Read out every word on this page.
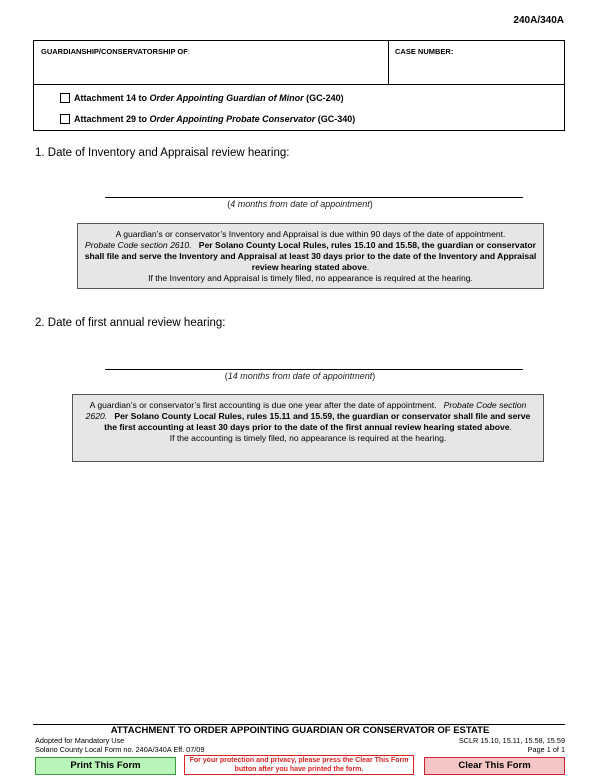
240A/340A
GUARDIANSHIP/CONSERVATORSHIP OF:	CASE NUMBER:
Attachment 14 to Order Appointing Guardian of Minor (GC-240)
Attachment 29 to Order Appointing Probate Conservator (GC-340)
1. Date of Inventory and Appraisal review hearing:
(4 months from date of appointment)
A guardian’s or conservator’s Inventory and Appraisal is due within 90 days of the date of appointment.
Probate Code section 2610. Per Solano County Local Rules, rules 15.10 and 15.58, the guardian or conservator shall file and serve the Inventory and Appraisal at least 30 days prior to the date of the Inventory and Appraisal review hearing stated above.
If the Inventory and Appraisal is timely filed, no appearance is required at the hearing.
2. Date of first annual review hearing:
(14 months from date of appointment)
A guardian’s or conservator’s first accounting is due one year after the date of appointment. Probate Code section 2620. Per Solano County Local Rules, rules 15.11 and 15.59, the guardian or conservator shall file and serve the first accounting at least 30 days prior to the date of the first annual review hearing stated above.
If the accounting is timely filed, no appearance is required at the hearing.
ATTACHMENT TO ORDER APPOINTING GUARDIAN OR CONSERVATOR OF ESTATE
Adopted for Mandatory Use
Solano County Local Form no. 240A/340A Eff. 07/09
SCLR 15.10, 15.11, 15.58, 15.59
Page 1 of 1
Print This Form	For your protection and privacy, please press the Clear This Form button after you have printed the form.	Clear This Form
